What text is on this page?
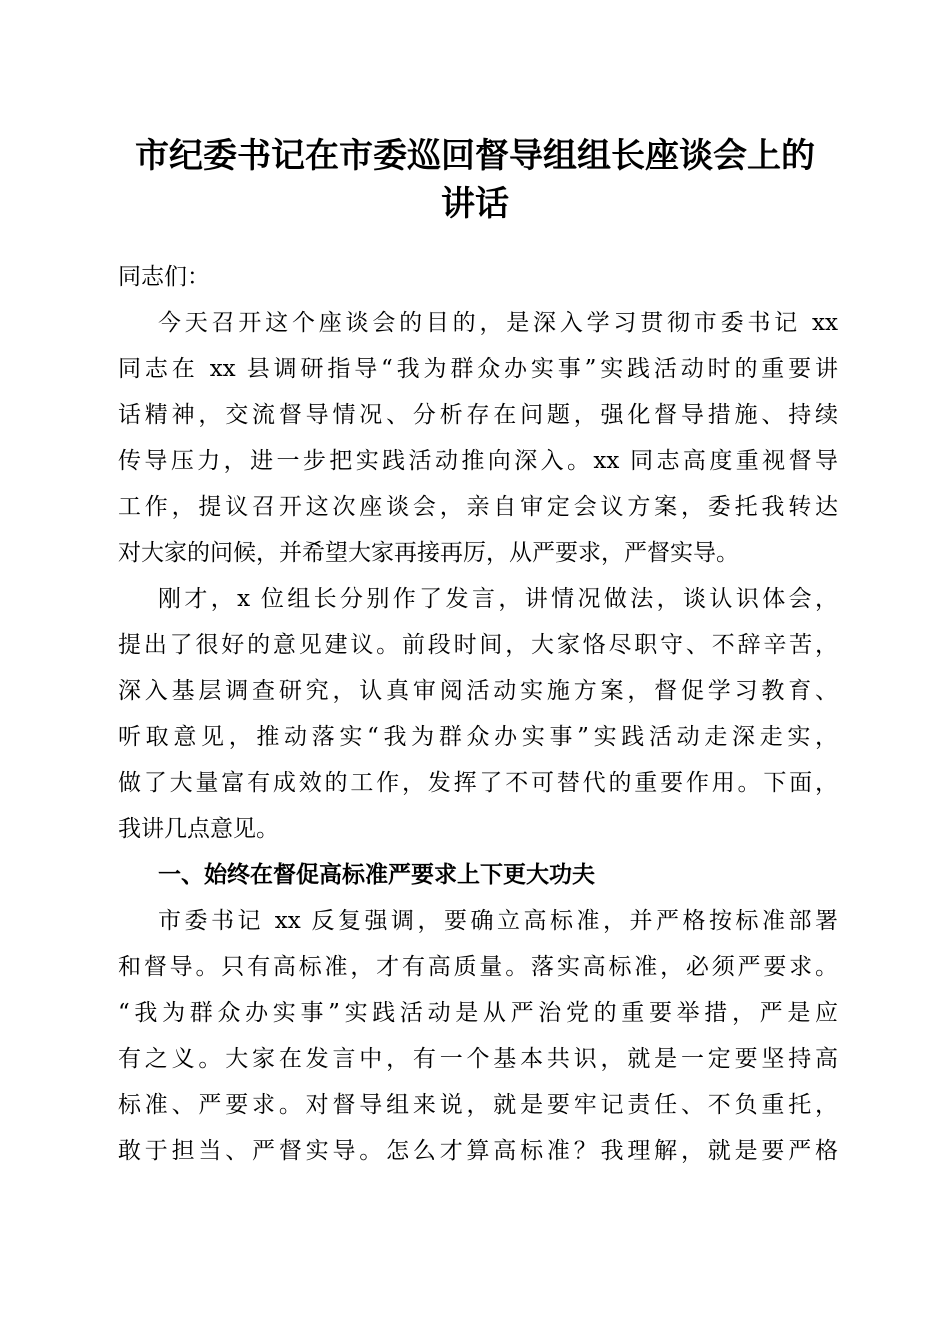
市纪委书记在市委巡回督导组组长座谈会上的
讲话
同志们：
今天召开这个座谈会的目的，是深入学习贯彻市委书记 xx
同志在 xx 县调研指导“我为群众办实事”实践活动时的重要讲
话精神，交流督导情况、分析存在问题，强化督导措施、持续
传导压力，进一步把实践活动推向深入。xx 同志高度重视督导
工作，提议召开这次座谈会，亲自审定会议方案，委托我转达
对大家的问候，并希望大家再接再厉，从严要求，严督实导。
刚才，x 位组长分别作了发言，讲情况做法，谈认识体会，
提出了很好的意见建议。前段时间，大家恪尽职守、不辞辛苦，
深入基层调查研究，认真审阅活动实施方案，督促学习教育、
听取意见，推动落实“我为群众办实事”实践活动走深走实，
做了大量富有成效的工作，发挥了不可替代的重要作用。下面，
我讲几点意见。
一、始终在督促高标准严要求上下更大功夫
市委书记 xx 反复强调，要确立高标准，并严格按标准部署
和督导。只有高标准，才有高质量。落实高标准，必须严要求。
“我为群众办实事”实践活动是从严治党的重要举措，严是应
有之义。大家在发言中，有一个基本共识，就是一定要坚持高
标准、严要求。对督导组来说，就是要牢记责任、不负重托，
敢于担当、严督实导。怎么才算高标准？我理解，就是要严格
